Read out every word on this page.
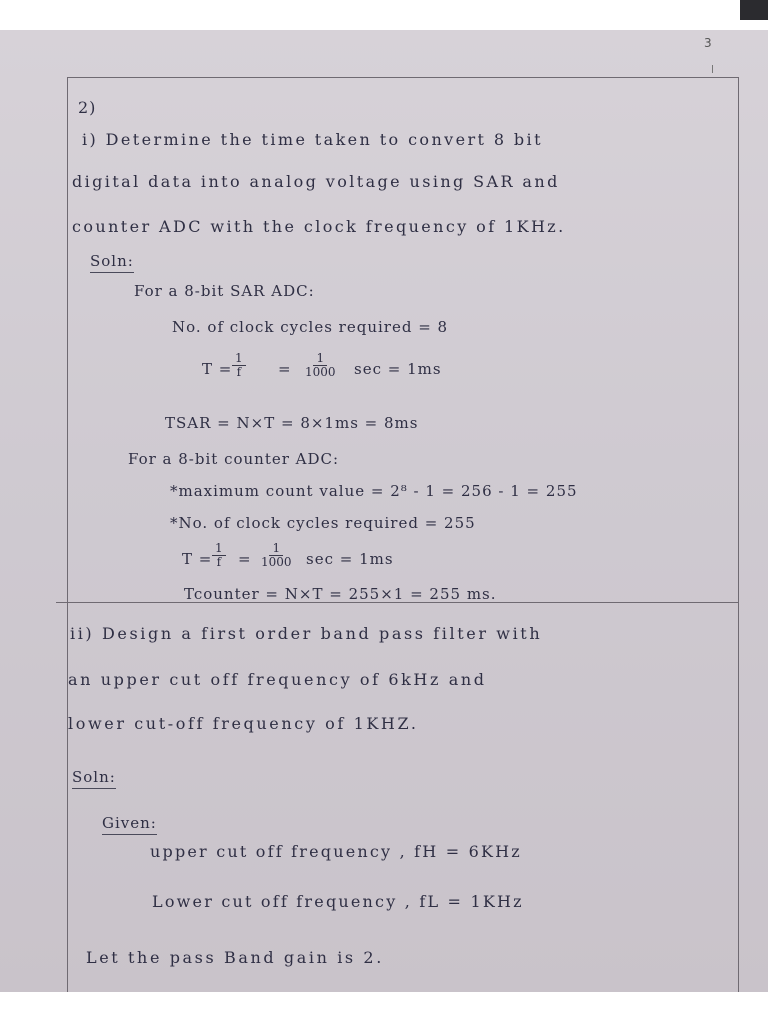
3
2)
i) Determine the time taken to convert 8 bit
digital data into analog voltage using SAR and
counter ADC with the clock frequency of 1KHz.
Soln:
For a 8-bit SAR ADC:
No. of clock cycles required = 8
$T = \frac{1}{f} = \frac{1}{1000}$ sec = 1ms
TSAR = N×T = 8×1ms = 8ms
For a 8-bit counter ADC:
*maximum count value = 2⁸ - 1 = 256 - 1 = 255
*No. of clock cycles required = 255
$T = \frac{1}{f} = \frac{1}{1000}$ sec = 1ms
Tcounter = N×T = 255×1 = 255 ms.
ii) Design a first order band pass filter with
an upper cut off frequency of 6kHz and
lower cut-off frequency of 1KHZ.
Soln:
Given:
upper cut off frequency , fH = 6KHz
Lower cut off frequency , fL = 1KHz
Let the pass Band gain is 2.
